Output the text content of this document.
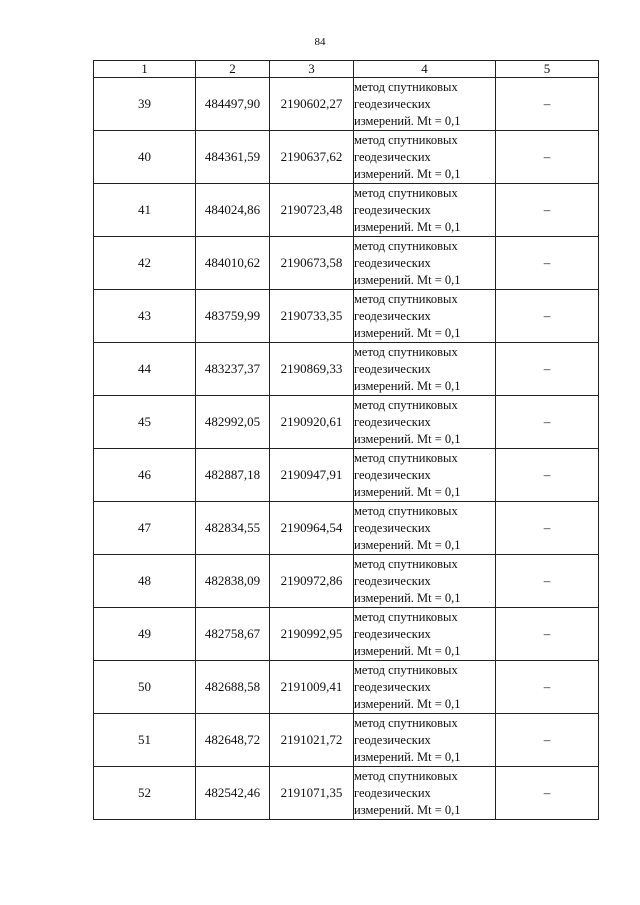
84
1	2	3	4	5
39	484497,90	2190602,27	метод спутниковых
геодезических
измерений. Mt = 0,1	–
40	484361,59	2190637,62	метод спутниковых
геодезических
измерений. Mt = 0,1	–
41	484024,86	2190723,48	метод спутниковых
геодезических
измерений. Mt = 0,1	–
42	484010,62	2190673,58	метод спутниковых
геодезических
измерений. Mt = 0,1	–
43	483759,99	2190733,35	метод спутниковых
геодезических
измерений. Mt = 0,1	–
44	483237,37	2190869,33	метод спутниковых
геодезических
измерений. Mt = 0,1	–
45	482992,05	2190920,61	метод спутниковых
геодезических
измерений. Mt = 0,1	–
46	482887,18	2190947,91	метод спутниковых
геодезических
измерений. Mt = 0,1	–
47	482834,55	2190964,54	метод спутниковых
геодезических
измерений. Mt = 0,1	–
48	482838,09	2190972,86	метод спутниковых
геодезических
измерений. Mt = 0,1	–
49	482758,67	2190992,95	метод спутниковых
геодезических
измерений. Mt = 0,1	–
50	482688,58	2191009,41	метод спутниковых
геодезических
измерений. Mt = 0,1	–
51	482648,72	2191021,72	метод спутниковых
геодезических
измерений. Mt = 0,1	–
52	482542,46	2191071,35	метод спутниковых
геодезических
измерений. Mt = 0,1	–
